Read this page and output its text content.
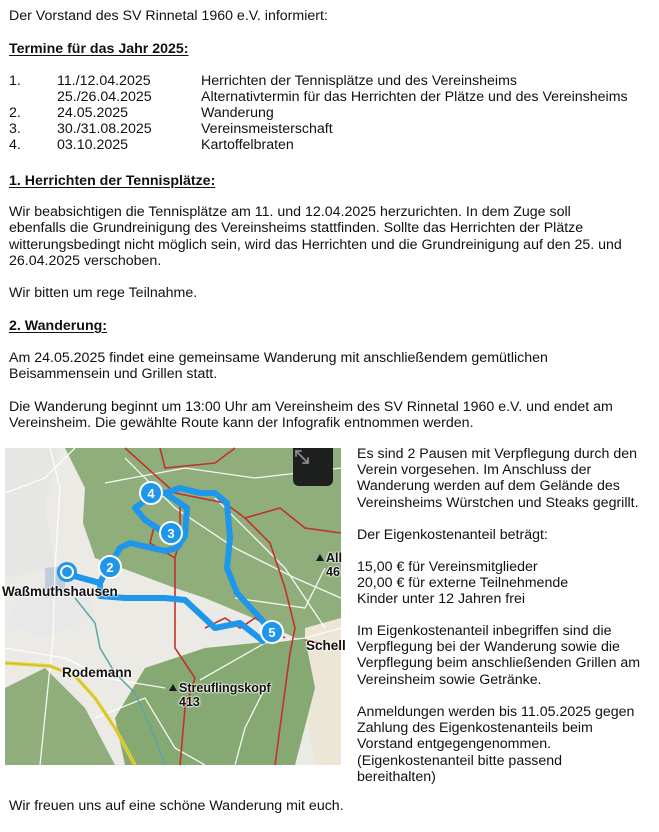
Der Vorstand des SV Rinnetal 1960 e.V. informiert:
Termine für das Jahr 2025:
1.	11./12.04.2025	Herrichten der Tennisplätze und des Vereinsheims
25./26.04.2025	Alternativtermin für das Herrichten der Plätze und des Vereinsheims
2.	24.05.2025	Wanderung
3.	30./31.08.2025	Vereinsmeisterschaft
4.	03.10.2025	Kartoffelbraten
1. Herrichten der Tennisplätze:
Wir beabsichtigen die Tennisplätze am 11. und 12.04.2025 herzurichten. In dem Zuge soll
ebenfalls die Grundreinigung des Vereinsheims stattfinden. Sollte das Herrichten der Plätze
witterungsbedingt nicht möglich sein, wird das Herrichten und die Grundreinigung auf den 25. und
26.04.2025 verschoben.
Wir bitten um rege Teilnahme.
2. Wanderung:
Am 24.05.2025 findet eine gemeinsame Wanderung mit anschließendem gemütlichen
Beisammensein und Grillen statt.
Die Wanderung beginnt um 13:00 Uhr am Vereinsheim des SV Rinnetal 1960 e.V. und endet am
Vereinsheim. Die gewählte Route kann der Infografik entnommen werden.
2
3
4
5
Waßmuthshausen
Rodemann
Schell
Streuflingskopf
413
All
46
Es sind 2 Pausen mit Verpflegung durch den
Verein vorgesehen. Im Anschluss der
Wanderung werden auf dem Gelände des
Vereinsheims Würstchen und Steaks gegrillt.
Der Eigenkostenanteil beträgt:
15,00 € für Vereinsmitglieder
20,00 € für externe Teilnehmende
Kinder unter 12 Jahren frei
Im Eigenkostenanteil inbegriffen sind die
Verpflegung bei der Wanderung sowie die
Verpflegung beim anschließenden Grillen am
Vereinsheim sowie Getränke.
Anmeldungen werden bis 11.05.2025 gegen
Zahlung des Eigenkostenanteils beim
Vorstand entgegengenommen.
(Eigenkostenanteil bitte passend
bereithalten)
Wir freuen uns auf eine schöne Wanderung mit euch.
